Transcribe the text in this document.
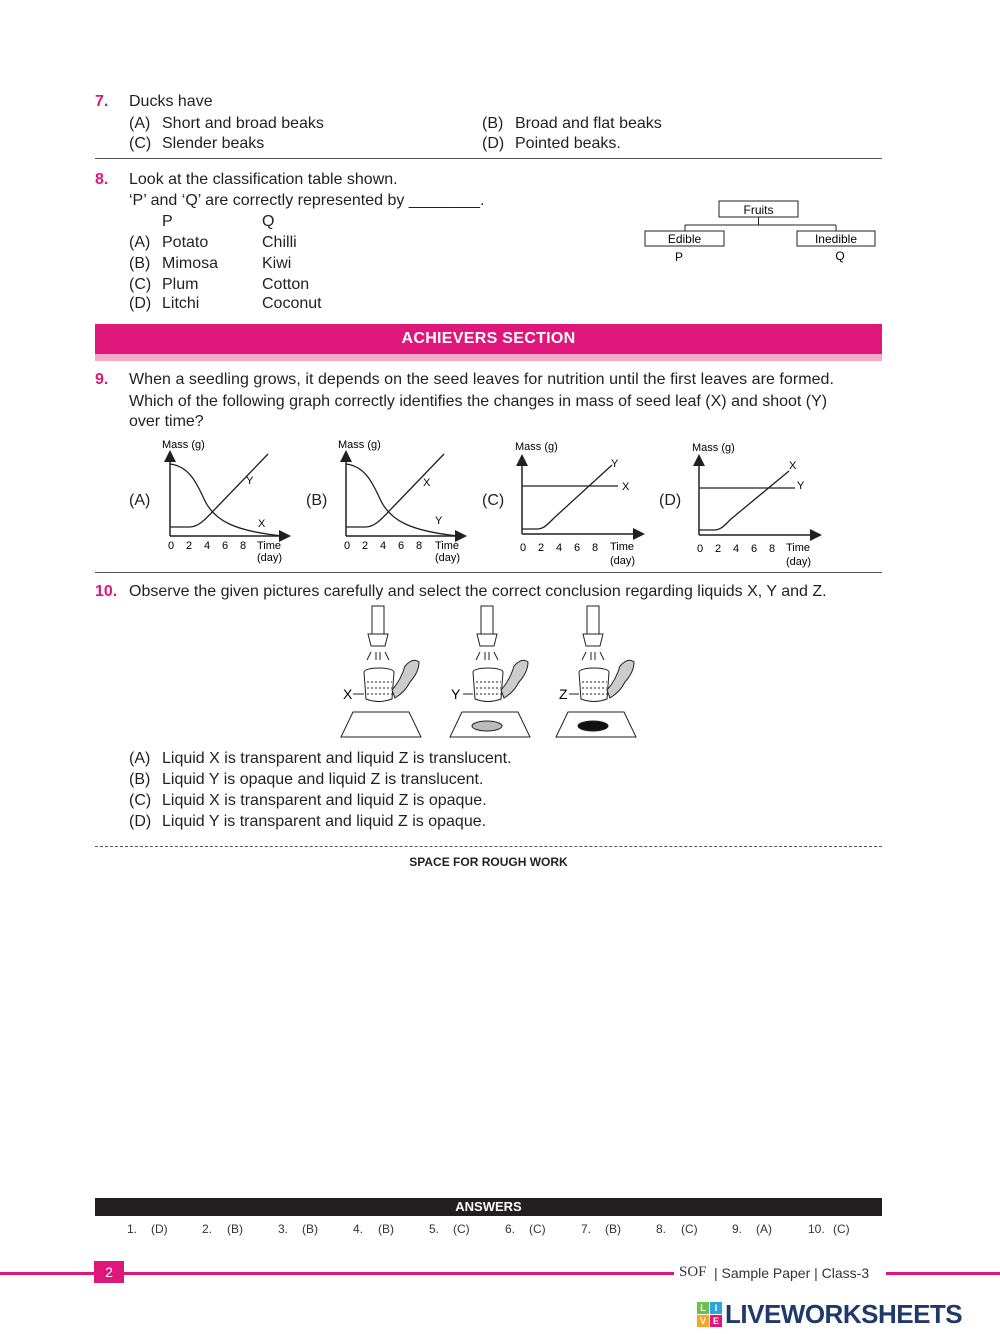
7. Ducks have
(A) Short and broad beaks	(B) Broad and flat beaks
(C) Slender beaks	(D) Pointed beaks.
8. Look at the classification table shown.
‘P’ and ‘Q’ are correctly represented by ________.
P	Q
(A) Potato	Chilli
(B) Mimosa	Kiwi
(C) Plum	Cotton
(D) Litchi	Coconut
Fruits
Edible	Inedible
P	Q
ACHIEVERS SECTION
9. When a seedling grows, it depends on the seed leaves for nutrition until the first leaves are formed.
Which of the following graph correctly identifies the changes in mass of seed leaf (X) and shoot (Y)
over time?
(A)	(B)	(C)	(D)
Mass (g)
Y
X
0 2 4 6 8 Time
(day)
Mass (g)
X
Y
0 2 4 6 8 Time
(day)
Mass (g)
Y
X
0 2 4 6 8 Time
(day)
Mass (g)
X
Y
0 2 4 6 8 Time
(day)
10. Observe the given pictures carefully and select the correct conclusion regarding liquids X, Y and Z.
X	Y	Z
(A) Liquid X is transparent and liquid Z is translucent.
(B) Liquid Y is opaque and liquid Z is translucent.
(C) Liquid X is transparent and liquid Z is opaque.
(D) Liquid Y is transparent and liquid Z is opaque.
SPACE FOR ROUGH WORK
ANSWERS
1. (D)	2. (B)	3. (B)	4. (B)	5. (C)	6. (C)	7. (B)	8. (C)	9. (A)	10. (C)
2	SOF | Sample Paper | Class-3
L I
V E LIVEWORKSHEETS
